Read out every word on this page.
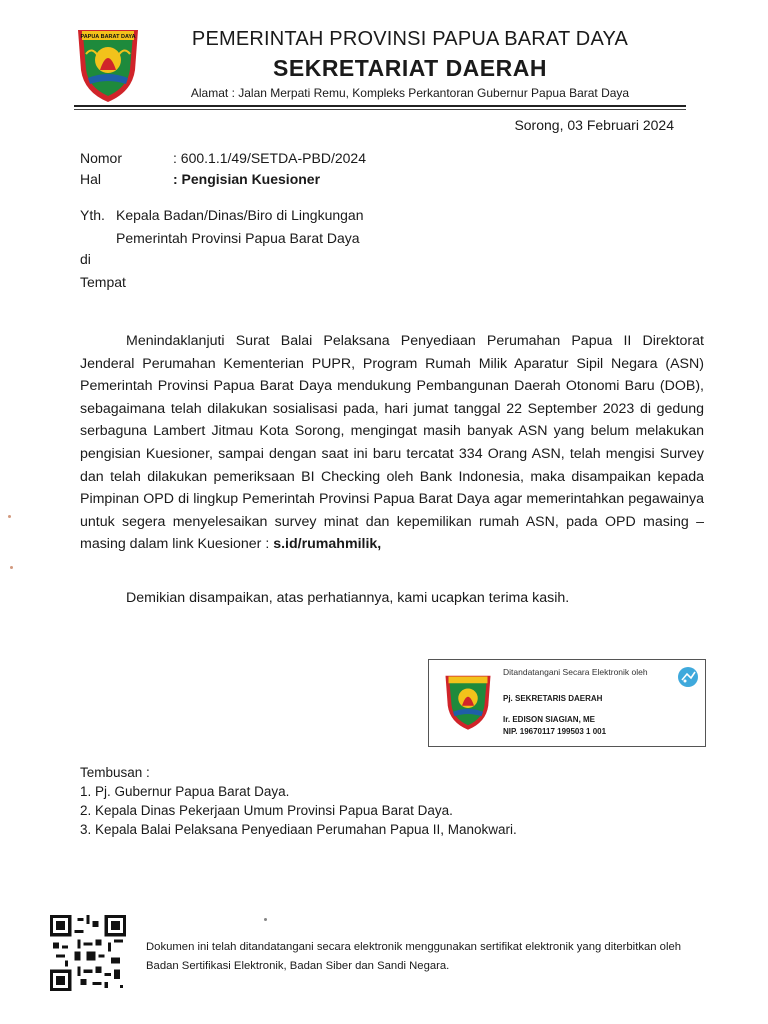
PAPUA BARAT DAYA	PEMERINTAH PROVINSI PAPUA BARAT DAYA
SEKRETARIAT DAERAH
Alamat : Jalan Merpati Remu, Kompleks Perkantoran Gubernur Papua Barat Daya
Sorong, 03 Februari 2024
Nomor	: 600.1.1/49/SETDA-PBD/2024
Hal	: Pengisian Kuesioner
Yth. Kepala Badan/Dinas/Biro di Lingkungan
Pemerintah Provinsi Papua Barat Daya
di
Tempat
Menindaklanjuti Surat Balai Pelaksana Penyediaan Perumahan Papua II Direktorat Jenderal Perumahan Kementerian PUPR, Program Rumah Milik Aparatur Sipil Negara (ASN) Pemerintah Provinsi Papua Barat Daya mendukung Pembangunan Daerah Otonomi Baru (DOB), sebagaimana telah dilakukan sosialisasi pada, hari jumat tanggal 22 September 2023 di gedung serbaguna Lambert Jitmau Kota Sorong, mengingat masih banyak ASN yang belum melakukan pengisian Kuesioner, sampai dengan saat ini baru tercatat 334 Orang ASN, telah mengisi Survey dan telah dilakukan pemeriksaan BI Checking oleh Bank Indonesia, maka disampaikan kepada Pimpinan OPD di lingkup Pemerintah Provinsi Papua Barat Daya agar memerintahkan pegawainya untuk segera menyelesaikan survey minat dan kepemilikan rumah ASN, pada OPD masing – masing dalam link Kuesioner : s.id/rumahmilik,
Demikian disampaikan, atas perhatiannya, kami ucapkan terima kasih.
Ditandatangani Secara Elektronik oleh
Pj. SEKRETARIS DAERAH
Ir. EDISON SIAGIAN, ME
NIP. 19670117 199503 1 001
Tembusan :
1. Pj. Gubernur Papua Barat Daya.
2. Kepala Dinas Pekerjaan Umum Provinsi Papua Barat Daya.
3. Kepala Balai Pelaksana Penyediaan Perumahan Papua II, Manokwari.
Dokumen ini telah ditandatangani secara elektronik menggunakan sertifikat elektronik yang diterbitkan oleh
Badan Sertifikasi Elektronik, Badan Siber dan Sandi Negara.
